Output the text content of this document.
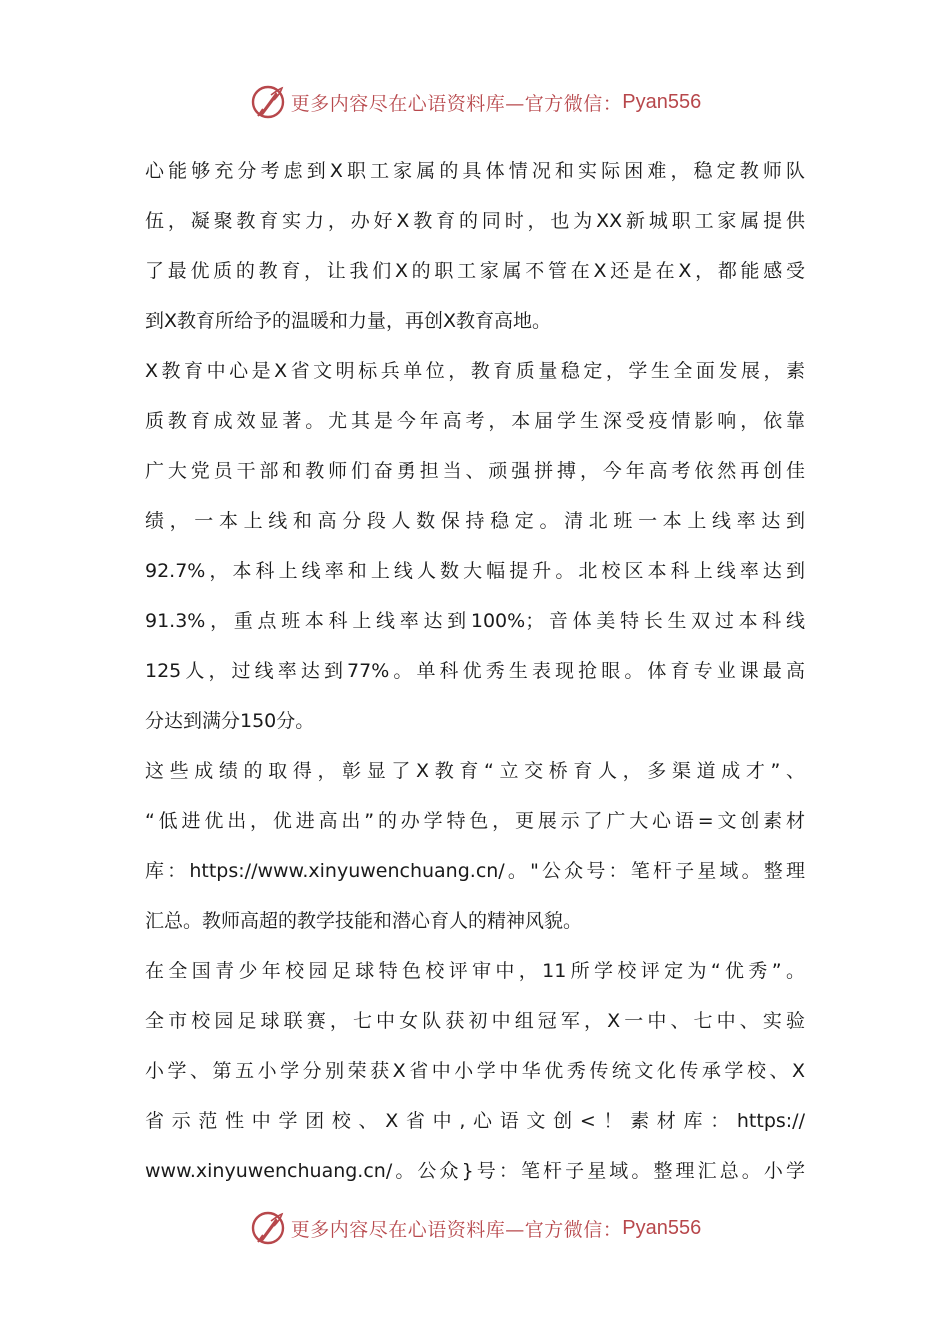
更多内容尽在心语资料库—官方微信： Pyan556
心能够充分考虑到X职工家属的具体情况和实际困难，稳定教师队
伍，凝聚教育实力，办好X教育的同时，也为XX新城职工家属提供
了最优质的教育，让我们X的职工家属不管在X还是在X，都能感受
到X教育所给予的温暖和力量，再创X教育高地。
X教育中心是X省文明标兵单位，教育质量稳定，学生全面发展，素
质教育成效显著。尤其是今年高考，本届学生深受疫情影响，依靠
广大党员干部和教师们奋勇担当、顽强拼搏，今年高考依然再创佳
绩，一本上线和高分段人数保持稳定。清北班一本上线率达到
92.7%，本科上线率和上线人数大幅提升。北校区本科上线率达到
91.3%，重点班本科上线率达到100%；音体美特长生双过本科线
125人，过线率达到77%。单科优秀生表现抢眼。体育专业课最高
分达到满分150分。
这些成绩的取得，彰显了X教育“立交桥育人，多渠道成才”、
“低进优出，优进高出”的办学特色，更展示了广大心语=文创素材
库：https://www.xinyuwenchuang.cn/。"公众号：笔杆子星域。整理
汇总。教师高超的教学技能和潜心育人的精神风貌。
在全国青少年校园足球特色校评审中，11所学校评定为“优秀”。
全市校园足球联赛，七中女队获初中组冠军，X一中、七中、实验
小学、第五小学分别荣获X省中小学中华优秀传统文化传承学校、X
省示范性中学团校、X省中,心语文创<！素材库：https://
www.xinyuwenchuang.cn/。公众}号：笔杆子星域。整理汇总。小学
更多内容尽在心语资料库—官方微信： Pyan556
